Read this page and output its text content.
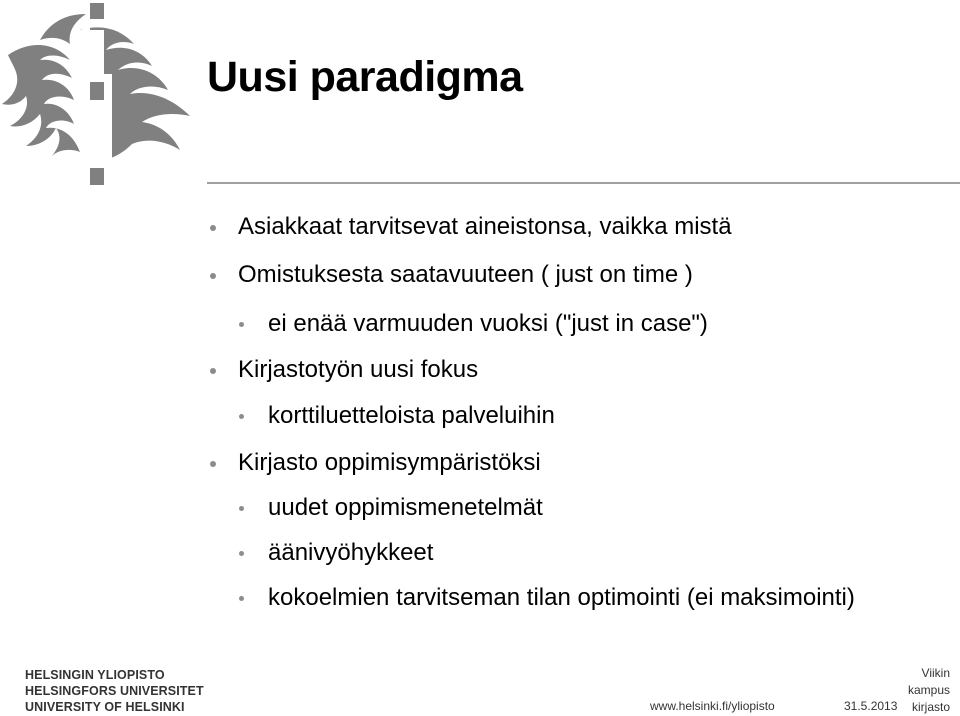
Uusi paradigma
Asiakkaat tarvitsevat aineistonsa, vaikka mistä
Omistuksesta saatavuuteen ( just on time )
ei enää varmuuden vuoksi ("just in case")
Kirjastotyön uusi fokus
korttiluetteloista palveluihin
Kirjasto oppimisympäristöksi
uudet oppimismenetelmät
äänivyöhykkeet
kokoelmien tarvitseman tilan optimointi (ei maksimointi)
HELSINGIN YLIOPISTO
HELSINGFORS UNIVERSITET
UNIVERSITY OF HELSINKI	www.helsinki.fi/yliopisto	31.5.2013
Viikin
kampus
kirjasto
